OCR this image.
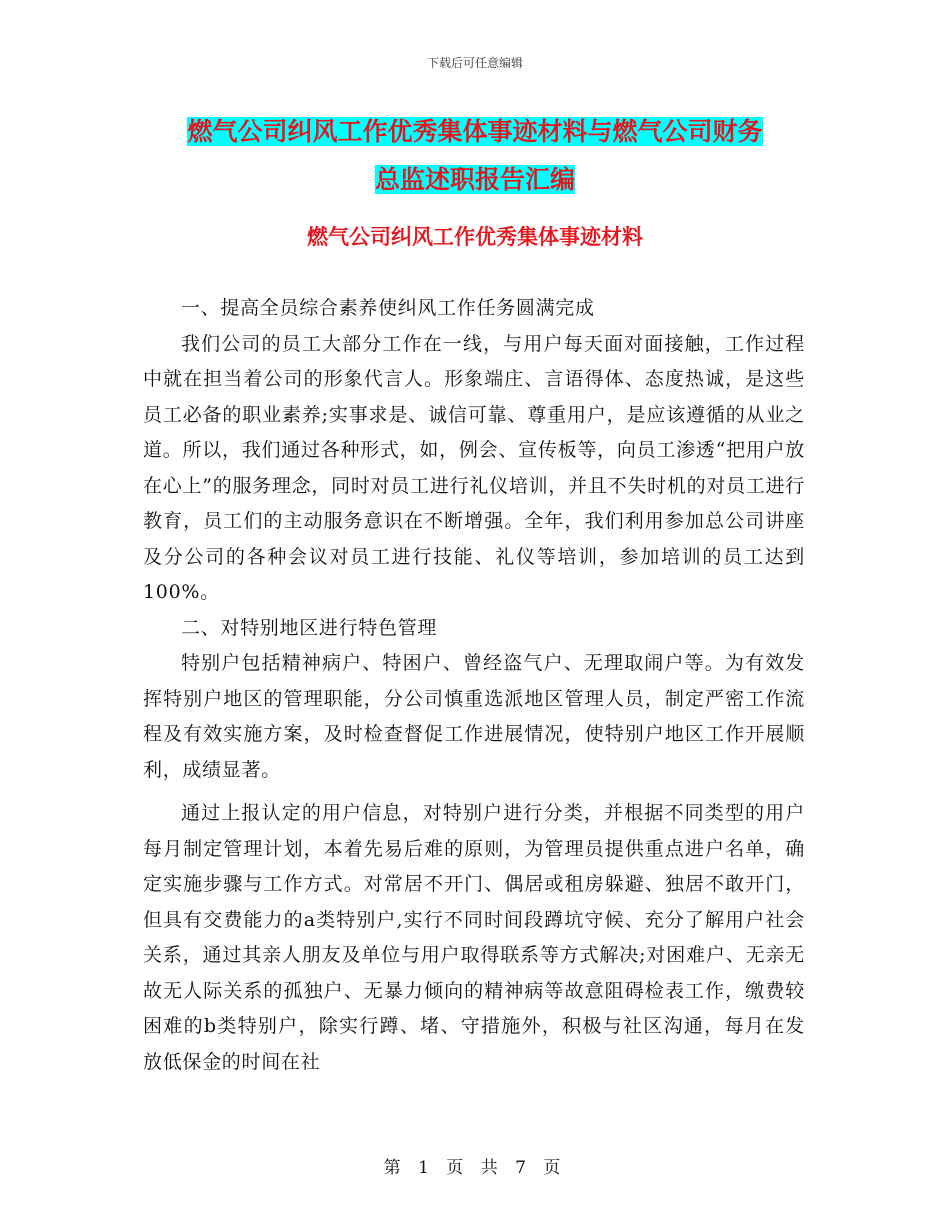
下载后可任意编辑
燃气公司纠风工作优秀集体事迹材料与燃气公司财务
总监述职报告汇编
燃气公司纠风工作优秀集体事迹材料

一、提高全员综合素养使纠风工作任务圆满完成

我们公司的员工大部分工作在一线，与用户每天面对面接触，工作过程中就在担当着公司的形象代言人。形象端庄、言语得体、态度热诚，是这些员工必备的职业素养;实事求是、诚信可靠、尊重用户，是应该遵循的从业之道。所以，我们通过各种形式，如，例会、宣传板等，向员工渗透“把用户放在心上”的服务理念，同时对员工进行礼仪培训，并且不失时机的对员工进行教育，员工们的主动服务意识在不断增强。全年，我们利用参加总公司讲座及分公司的各种会议对员工进行技能、礼仪等培训，参加培训的员工达到100%。

二、对特别地区进行特色管理

特别户包括精神病户、特困户、曾经盗气户、无理取闹户等。为有效发挥特别户地区的管理职能，分公司慎重选派地区管理人员，制定严密工作流程及有效实施方案，及时检查督促工作进展情况，使特别户地区工作开展顺利，成绩显著。

通过上报认定的用户信息，对特别户进行分类，并根据不同类型的用户每月制定管理计划，本着先易后难的原则，为管理员提供重点进户名单，确定实施步骤与工作方式。对常居不开门、偶居或租房躲避、独居不敢开门，但具有交费能力的a类特别户,实行不同时间段蹲坑守候、充分了解用户社会关系，通过其亲人朋友及单位与用户取得联系等方式解决;对困难户、无亲无故无人际关系的孤独户、无暴力倾向的精神病等故意阻碍检表工作，缴费较困难的b类特别户，除实行蹲、堵、守措施外，积极与社区沟通，每月在发放低保金的时间在社

第 1 页 共 7 页
